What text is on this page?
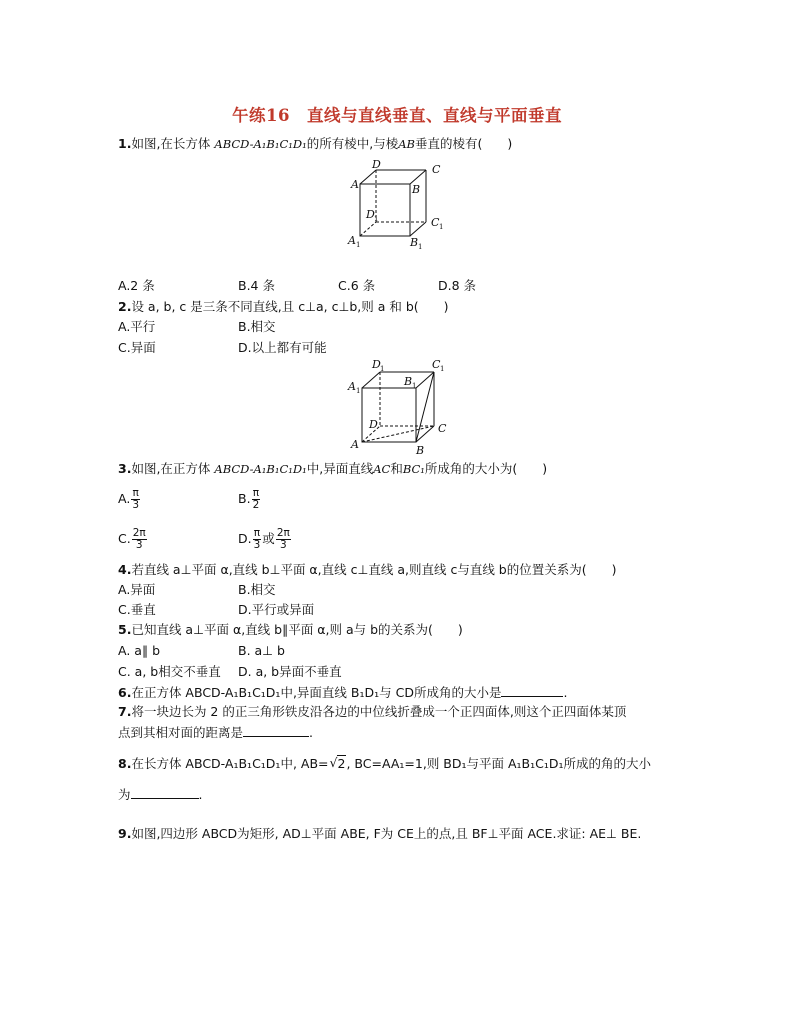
午练16　直线与直线垂直、直线与平面垂直
1.如图,在长方体 ABCD-A₁B₁C₁D₁的所有棱中,与棱AB垂直的棱有(　　)
D
A	B
C
D 1
A 1	B 1
C 1
A.2 条	B.4 条	C.6 条	D.8 条
2.设 a, b, c 是三条不同直线,且 c⊥a, c⊥b,则 a 和 b(　　)
A.平行	B.相交
C.异面	D.以上都有可能
D 1
A 1
B 1
C 1
D	C
A	B
3.如图,在正方体 ABCD-A₁B₁C₁D₁中,异面直线AC和BC₁所成角的大小为(　　)
A. $\frac{\pi}{3}$	B. $\frac{\pi}{2}$
C. $\frac{2\pi}{3}$	D. $\frac{\pi}{3}$ 或 $\frac{2\pi}{3}$
4.若直线 a⊥平面 α,直线 b⊥平面 α,直线 c⊥直线 a,则直线 c与直线 b的位置关系为(　　)
A.异面	B.相交
C.垂直	D.平行或异面
5.已知直线 a⊥平面 α,直线 b∥平面 α,则 a与 b的关系为(　　)
A. a∥ b	B. a⊥ b
C. a, b相交不垂直 D. a, b异面不垂直
6.在正方体 ABCD-A₁B₁C₁D₁中,异面直线 B₁D₁与 CD所成角的大小是	.
7.将一块边长为 2 的正三角形铁皮沿各边的中位线折叠成一个正四面体,则这个正四面体某顶
点到其相对面的距离是	.
8.在长方体 ABCD-A₁B₁C₁D₁中, AB= √ 2, BC=AA₁=1,则 BD₁与平面 A₁B₁C₁D₁所成的角的大小
为	.
9.如图,四边形 ABCD为矩形, AD⊥平面 ABE, F为 CE上的点,且 BF⊥平面 ACE.求证: AE⊥ BE.
